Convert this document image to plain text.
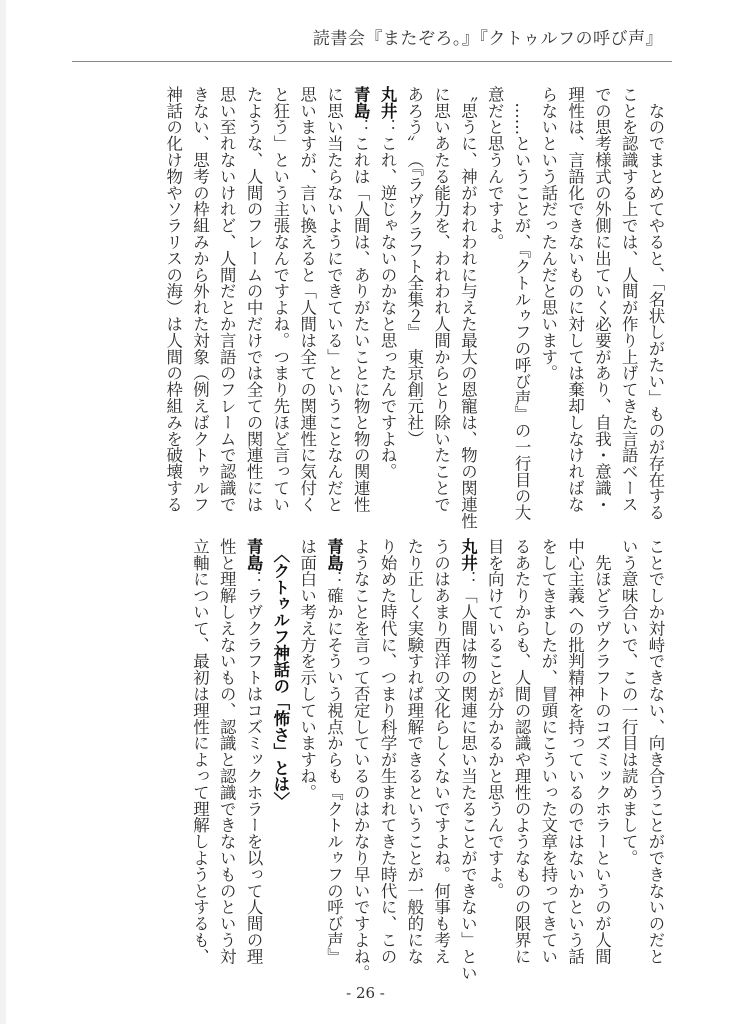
読書会『またぞろ。』『クトゥルフの呼び声』
　なのでまとめてやると、「名状しがたい」ものが存在する
ことを認識する上では、人間が作り上げてきた言語ベース
での思考様式の外側に出ていく必要があり、自我・意識・
理性は、言語化できないものに対しては棄却しなければな
らないという話だったんだと思います。
　……ということが、『クトルゥフの呼び声』の一行目の大
意だと思うんですよ。
〝思うに、神がわれわれに与えた最大の恩寵は、物の関連性
に思いあたる能力を、われわれ人間からとり除いたことで
あろう〟　（『ラヴクラフト全集２』　東京創元社）
丸井：これ、逆じゃないのかなと思ったんですよね。
青島：これは「人間は、ありがたいことに物と物の関連性
に思い当たらないようにできている」ということなんだと
思いますが、言い換えると「人間は全ての関連性に気付く
と狂う」という主張なんですよね。つまり先ほど言ってい
たような、人間のフレームの中だけでは全ての関連性には
思い至れないけれど、人間だとか言語のフレームで認識で
きない、思考の枠組みから外れた対象（例えばクトゥルフ
神話の化け物やソラリスの海）は人間の枠組みを破壊する
ことでしか対峙できない、向き合うことができないのだと
いう意味合いで、この一行目は読めまして。
　先ほどラヴクラフトのコズミックホラーというのが人間
中心主義への批判精神を持っているのではないかという話
をしてきましたが、冒頭にこういった文章を持ってきてい
るあたりからも、人間の認識や理性のようなものの限界に
目を向けていることが分かるかと思うんですよ。
丸井：「人間は物の関連に思い当たることができない」とい
うのはあまり西洋の文化らしくないですよね。何事も考え
たり正しく実験すれば理解できるということが一般的にな
り始めた時代に、つまり科学が生まれてきた時代に、この
ようなことを言って否定しているのはかなり早いですよね。
青島：確かにそういう視点からも『クトルゥフの呼び声』
は面白い考え方を示していますね。
　〈クトゥルフ神話の「怖さ」とは〉
青島：ラヴクラフトはコズミックホラーを以って人間の理
性と理解しえないもの、認識と認識できないものという対
立軸について、最初は理性によって理解しようとするも、
- 26 -
